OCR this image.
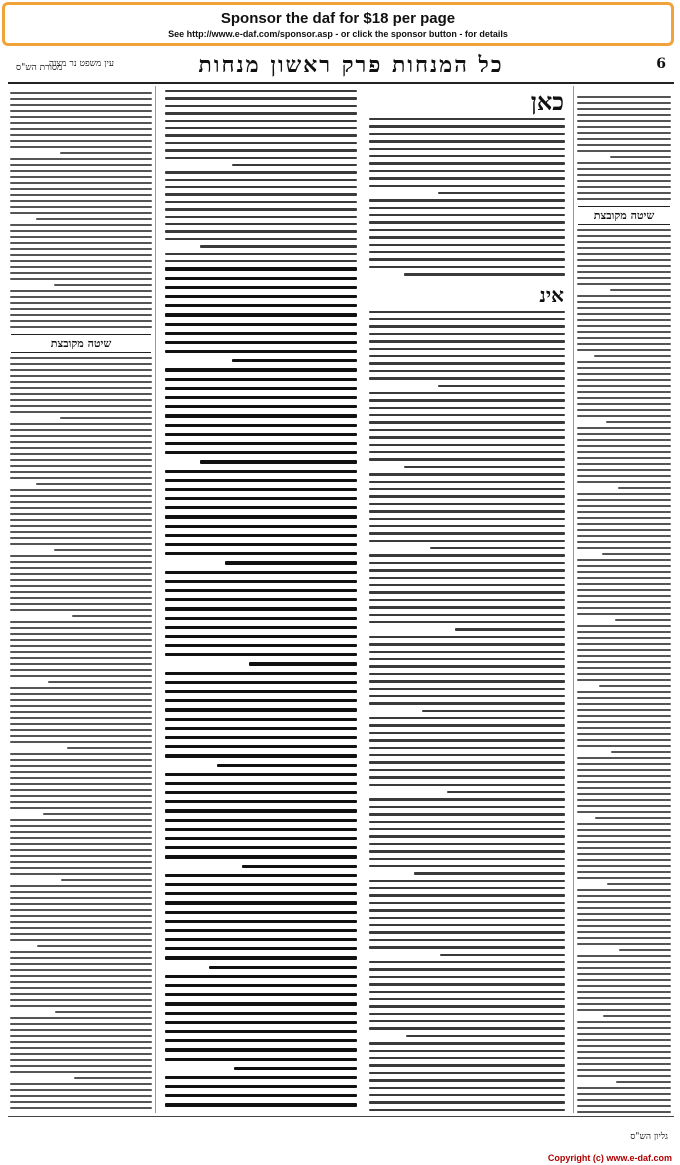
Sponsor the daf for $18 per page
See http://www.e-daf.com/sponsor.asp - or click the sponsor button - for details
6
כל המנחות פרק ראשון מנחות
עין משפט נר מצוה
מסורת הש"ס
שיטה מקובצת
כאן
אינ
שיטה מקובצת
גליון הש"ס
Copyright (c) www.e-daf.com
